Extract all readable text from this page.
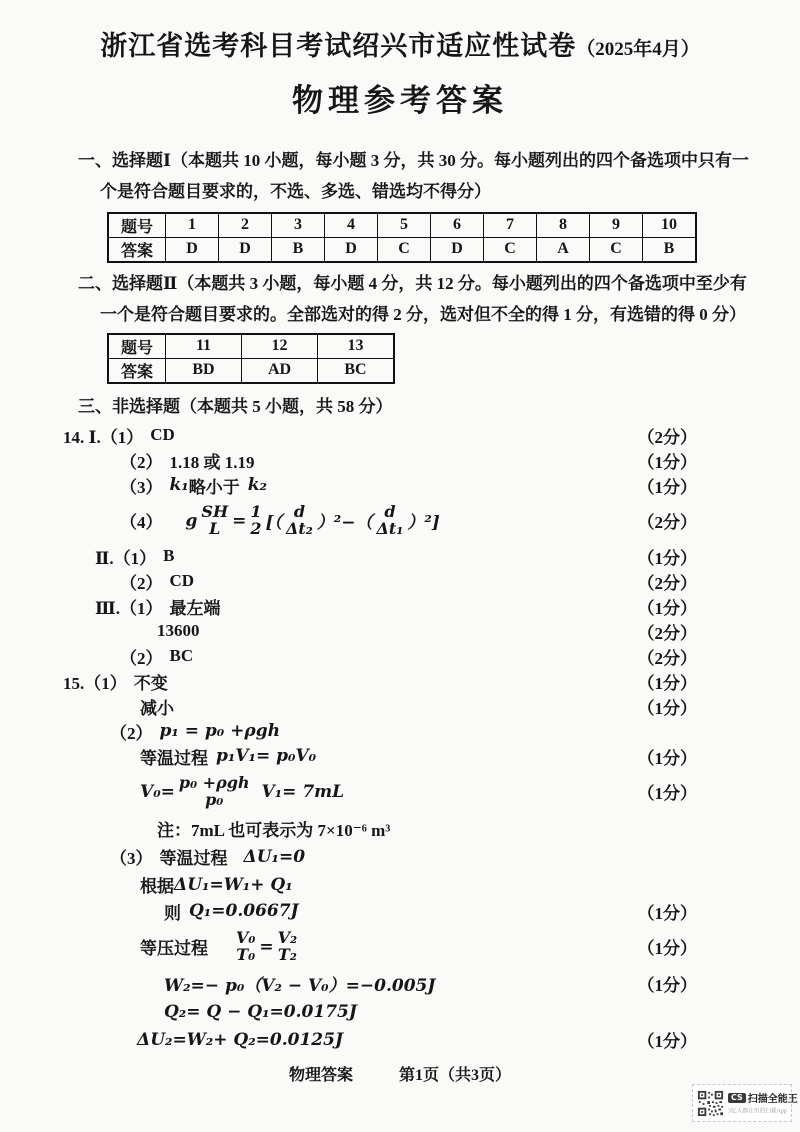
浙江省选考科目考试绍兴市适应性试卷（2025年4月）
物理参考答案
一、选择题Ⅰ（本题共 10 小题，每小题 3 分，共 30 分。每小题列出的四个备选项中只有一
个是符合题目要求的，不选、多选、错选均不得分）
题号	1	2	3	4	5	6	7	8	9	10
答案	D	D	B	D	C	D	C	A	C	B
二、选择题Ⅱ（本题共 3 小题，每小题 4 分，共 12 分。每小题列出的四个备选项中至少有
一个是符合题目要求的。全部选对的得 2 分，选对但不全的得 1 分，有选错的得 0 分）
题号	11	12	13
答案	BD	AD	BC
三、非选择题（本题共 5 小题，共 58 分）
14. Ⅰ.（1） CD	（2分）
（2） 1.18 或 1.19	（1分）
（3） k₁ 略小于 k₂	（1分）
（4） g SH
L = 1
2 [（
d
Δt₂ ）²−（
d
Δt₁ ）²]	（2分）
Ⅱ.（1） B	（1分）
（2） CD	（2分）
Ⅲ.（1） 最左端	（1分）
13600	（2分）
（2） BC	（2分）
15.（1） 不变	（1分）
减小	（1分）
（2） p₁ = p₀ +ρgh
等温过程 p₁V₁= p₀V₀	（1分）
V₀= p₀ +ρgh
p₀ V₁= 7mL	（1分）
注：7mL 也可表示为 7×10⁻⁶ m³
（3） 等温过程 ΔU₁=0
根据 ΔU₁=W₁+ Q₁
则 Q₁=0.0667J	（1分）
等压过程
V₀
T₀ = V₂
T₂	（1分）
W₂=− p₀（V₂ − V₀）=−0.005J	（1分）
Q₂= Q − Q₁=0.0175J
ΔU₂=W₂+ Q₂=0.0125J	（1分）
物理答案	第1页（共3页）
CS 扫描全能王
3亿人都在用的扫描App
